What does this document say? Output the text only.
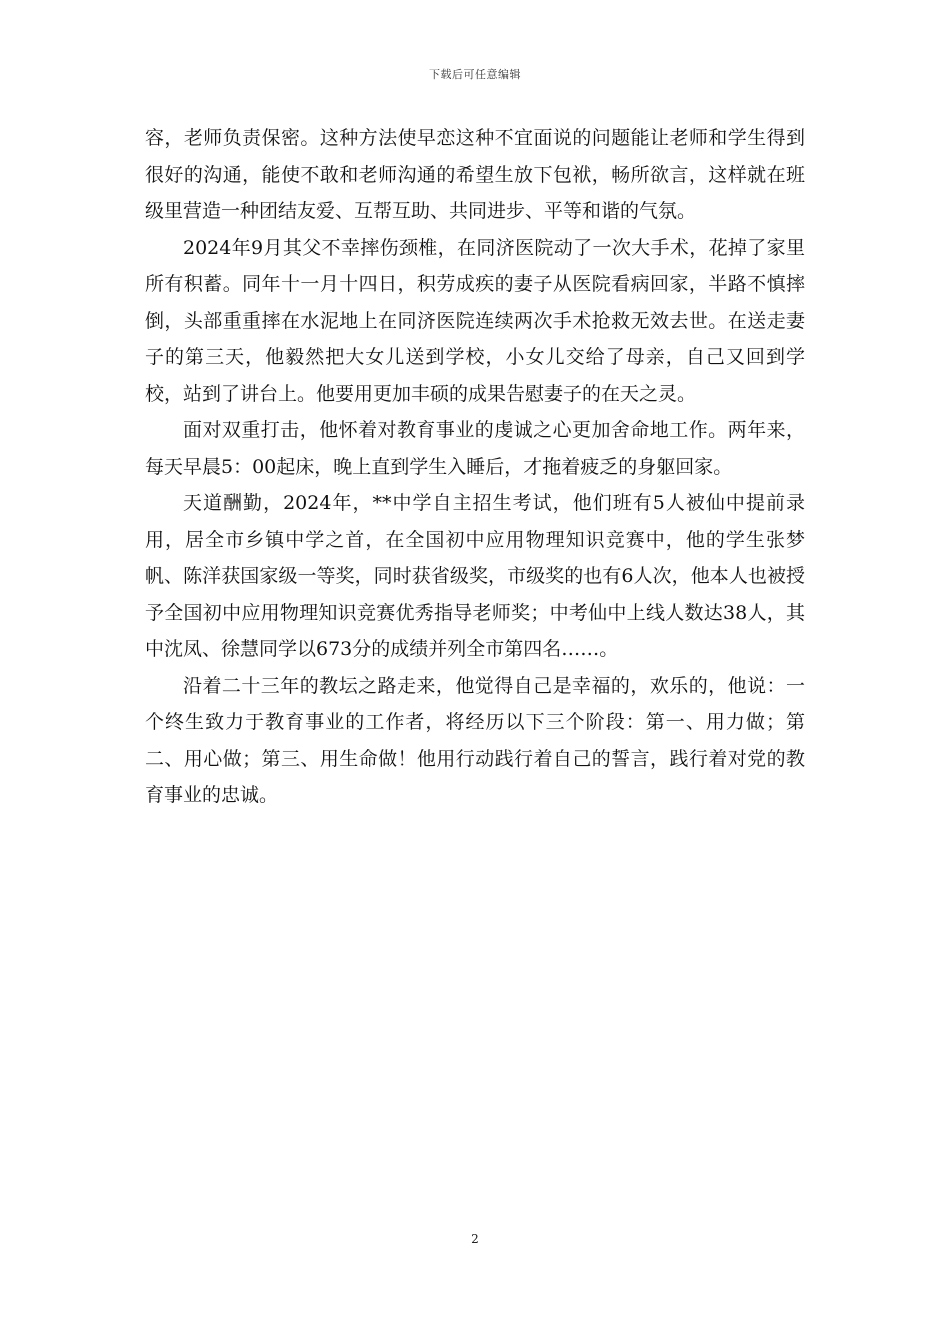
下载后可任意编辑

容，老师负责保密。这种方法使早恋这种不宜面说的问题能让老师和学生得到很好的沟通，能使不敢和老师沟通的希望生放下包袱，畅所欲言，这样就在班级里营造一种团结友爱、互帮互助、共同进步、平等和谐的气氛。

2024年9月其父不幸摔伤颈椎，在同济医院动了一次大手术，花掉了家里所有积蓄。同年十一月十四日，积劳成疾的妻子从医院看病回家，半路不慎摔倒，头部重重摔在水泥地上在同济医院连续两次手术抢救无效去世。在送走妻子的第三天，他毅然把大女儿送到学校，小女儿交给了母亲，自己又回到学校，站到了讲台上。他要用更加丰硕的成果告慰妻子的在天之灵。

面对双重打击，他怀着对教育事业的虔诚之心更加舍命地工作。两年来，每天早晨5：00起床，晚上直到学生入睡后，才拖着疲乏的身躯回家。

天道酬勤，2024年，**中学自主招生考试，他们班有5人被仙中提前录用，居全市乡镇中学之首，在全国初中应用物理知识竞赛中，他的学生张梦帆、陈洋获国家级一等奖，同时获省级奖，市级奖的也有6人次，他本人也被授予全国初中应用物理知识竞赛优秀指导老师奖；中考仙中上线人数达38人，其中沈凤、徐慧同学以673分的成绩并列全市第四名……。

沿着二十三年的教坛之路走来，他觉得自己是幸福的，欢乐的，他说：一个终生致力于教育事业的工作者，将经历以下三个阶段：第一、用力做；第二、用心做；第三、用生命做！他用行动践行着自己的誓言，践行着对党的教育事业的忠诚。

2
